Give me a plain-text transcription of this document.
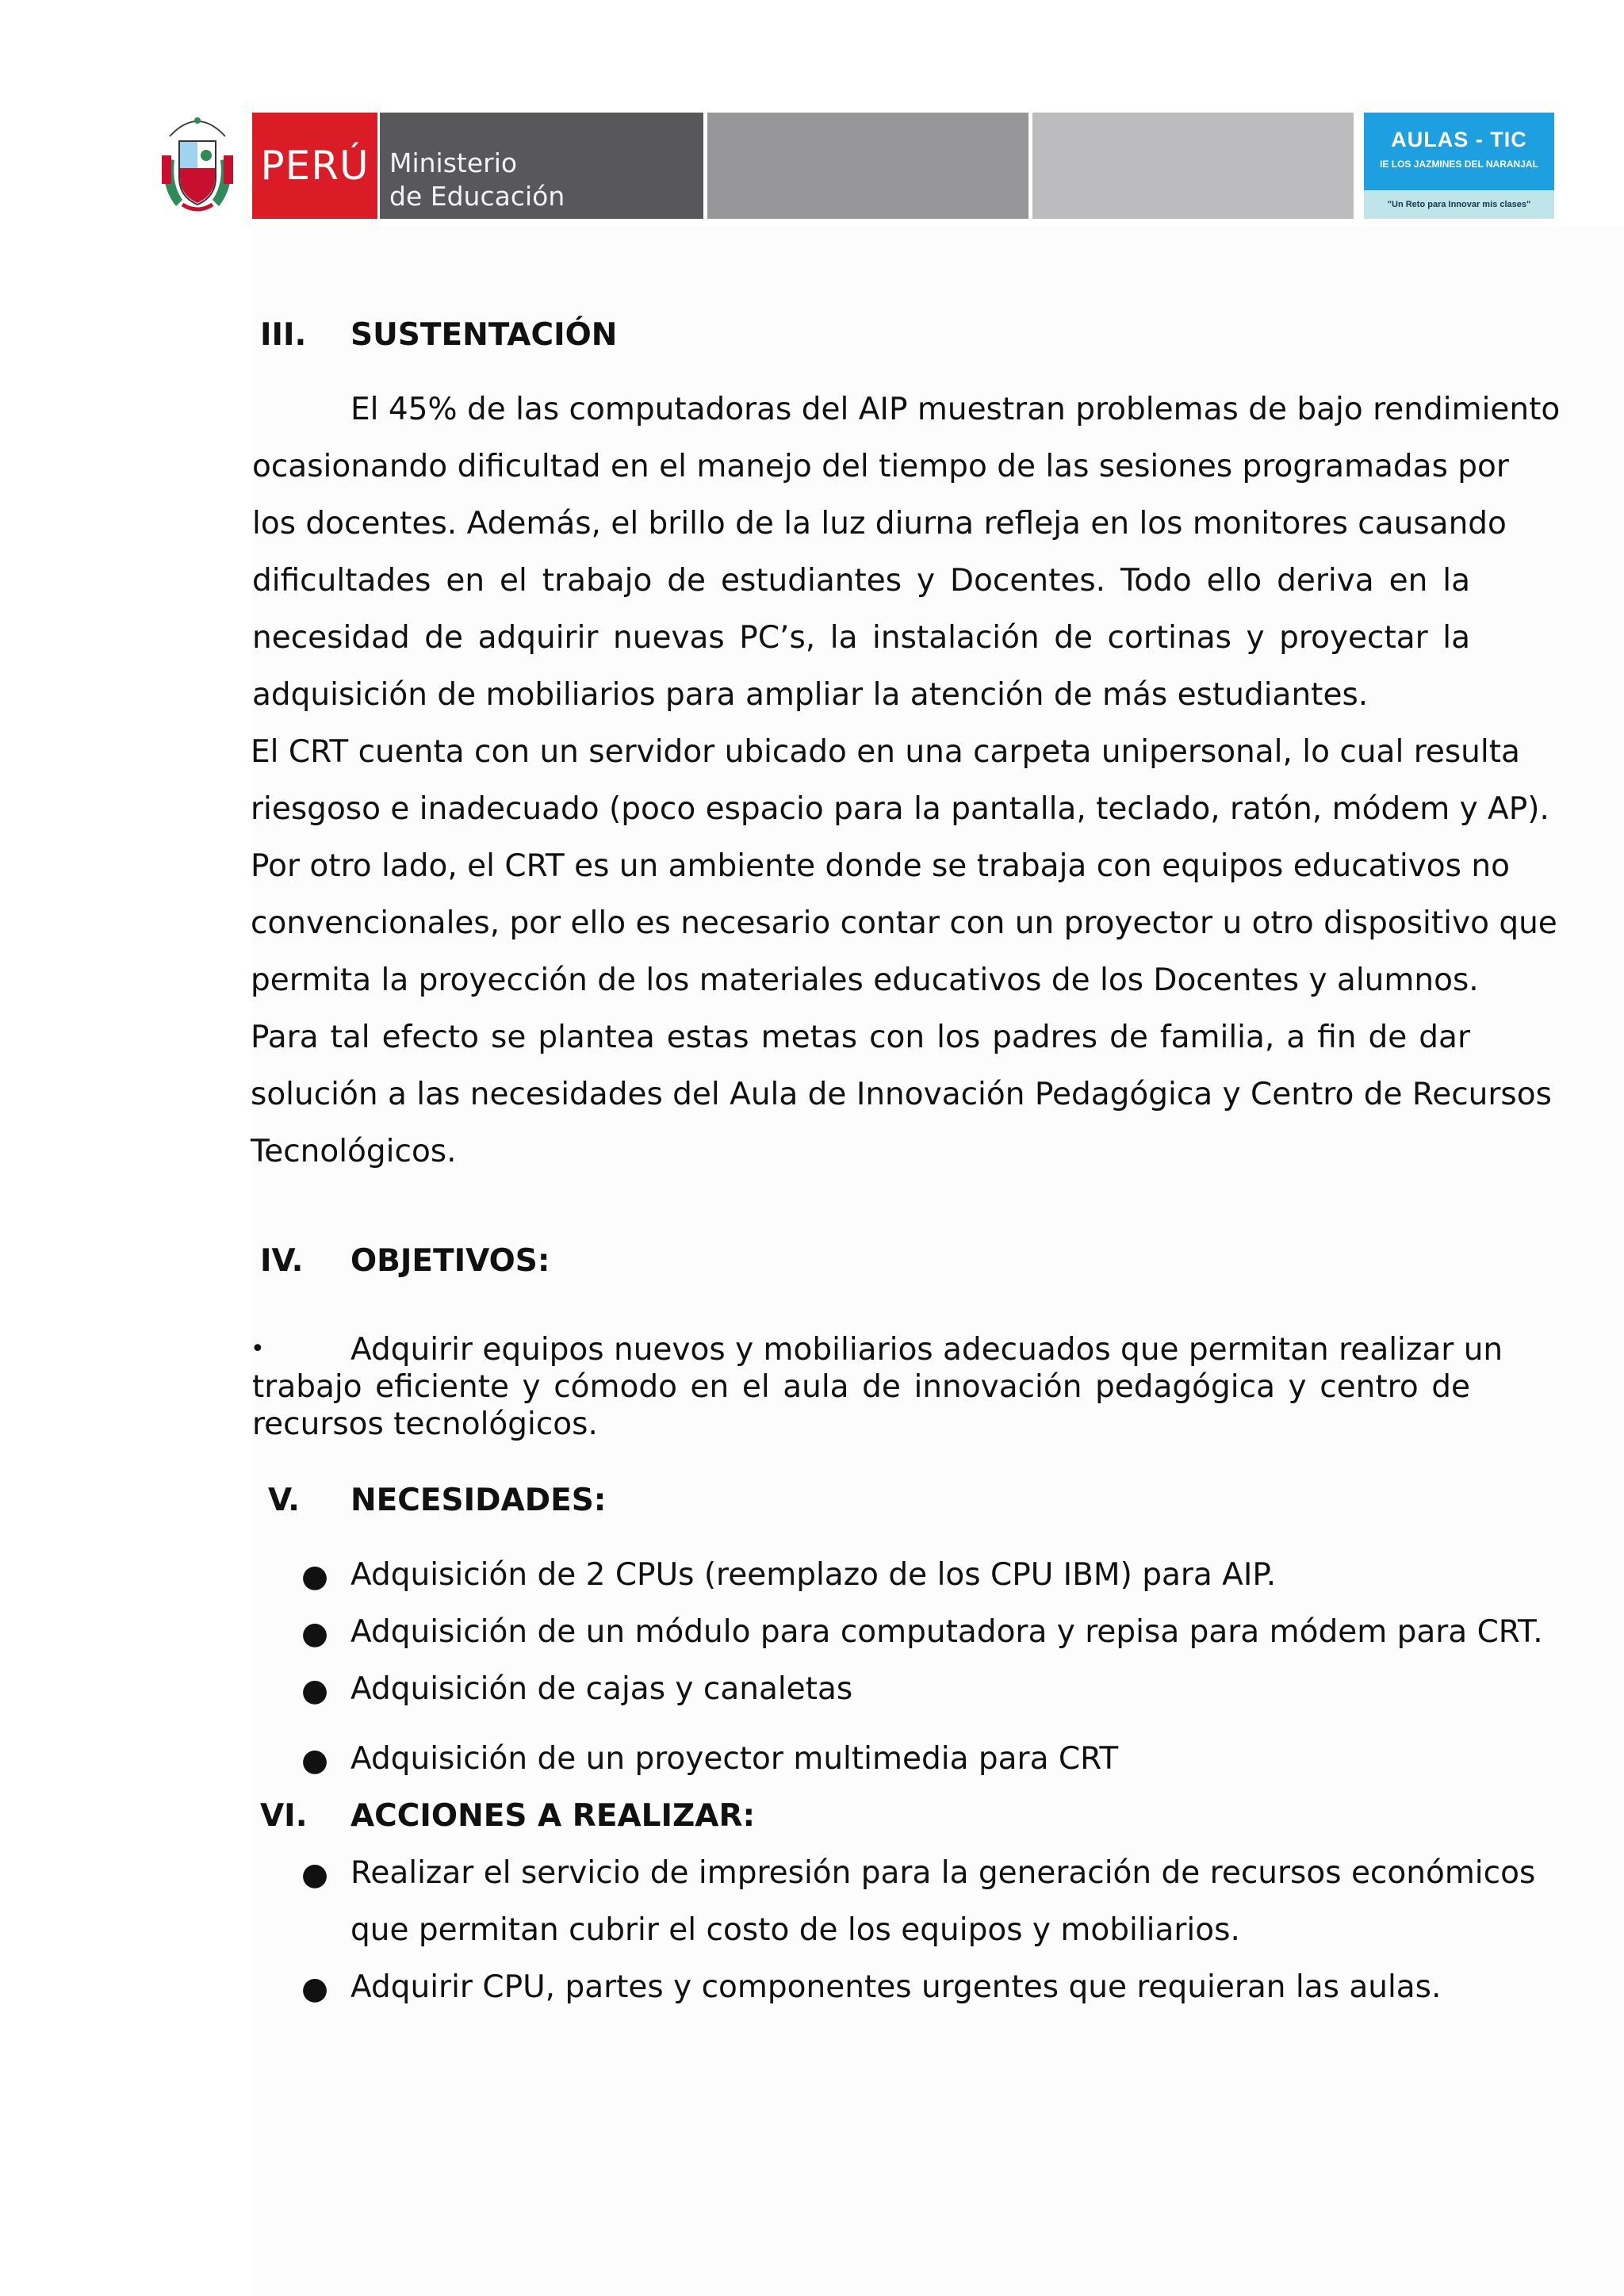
PERÚ Ministerio
de Educación
AULAS - TIC
IE LOS JAZMINES DEL NARANJAL
"Un Reto para Innovar mis clases"
III. SUSTENTACIÓN
El 45% de las computadoras del AIP muestran problemas de bajo rendimiento
ocasionando dificultad en el manejo del tiempo de las sesiones programadas por
los docentes. Además, el brillo de la luz diurna refleja en los monitores causando
dificultades en el trabajo de estudiantes y Docentes. Todo ello deriva en la
necesidad de adquirir nuevas PC’s, la instalación de cortinas y proyectar la
adquisición de mobiliarios para ampliar la atención de más estudiantes.
El CRT cuenta con un servidor ubicado en una carpeta unipersonal, lo cual resulta
riesgoso e inadecuado (poco espacio para la pantalla, teclado, ratón, módem y AP).
Por otro lado, el CRT es un ambiente donde se trabaja con equipos educativos no
convencionales, por ello es necesario contar con un proyector u otro dispositivo que
permita la proyección de los materiales educativos de los Docentes y alumnos.
Para tal efecto se plantea estas metas con los padres de familia, a fin de dar
solución a las necesidades del Aula de Innovación Pedagógica y Centro de Recursos
Tecnológicos.
IV. OBJETIVOS:
•	Adquirir equipos nuevos y mobiliarios adecuados que permitan realizar un
trabajo eficiente y cómodo en el aula de innovación pedagógica y centro de
recursos tecnológicos.
V. NECESIDADES:
● Adquisición de 2 CPUs (reemplazo de los CPU IBM) para AIP.
● Adquisición de un módulo para computadora y repisa para módem para CRT.
● Adquisición de cajas y canaletas
● Adquisición de un proyector multimedia para CRT
VI. ACCIONES A REALIZAR:
● Realizar el servicio de impresión para la generación de recursos económicos
que permitan cubrir el costo de los equipos y mobiliarios.
● Adquirir CPU, partes y componentes urgentes que requieran las aulas.
